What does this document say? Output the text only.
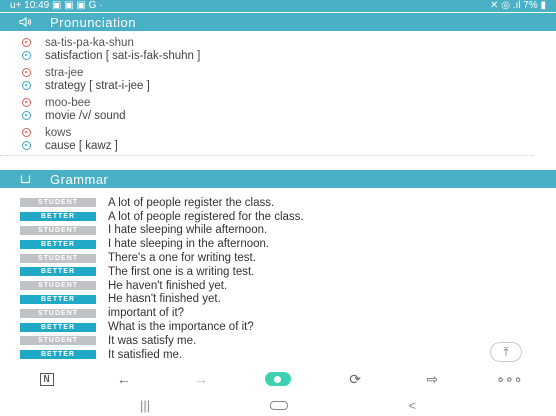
u+ 10:49 ▣ ▣ ▣ G ·	✕ ◎ .ıl 7% ▮
Pronunciation
sa-tis-pa-ka-shun
satisfaction [ sat-is-fak-shuhn ]
stra-jee
strategy [ strat-i-jee ]
moo-bee
movie /v/ sound
kows
cause [ kawz ]
Grammar
STUDENT	A lot of people register the class.
BETTER	A lot of people registered for the class.
STUDENT	I hate sleeping while afternoon.
BETTER	I hate sleeping in the afternoon.
STUDENT	There's a one for writing test.
BETTER	The first one is a writing test.
STUDENT	He haven't finished yet.
BETTER	He hasn't finished yet.
STUDENT	important of it?
BETTER	What is the importance of it?
STUDENT	It was satisfy me.
BETTER	It satisfied me.	⤒
N	←	→	⟳	⇨	∘∘∘
|||	<
